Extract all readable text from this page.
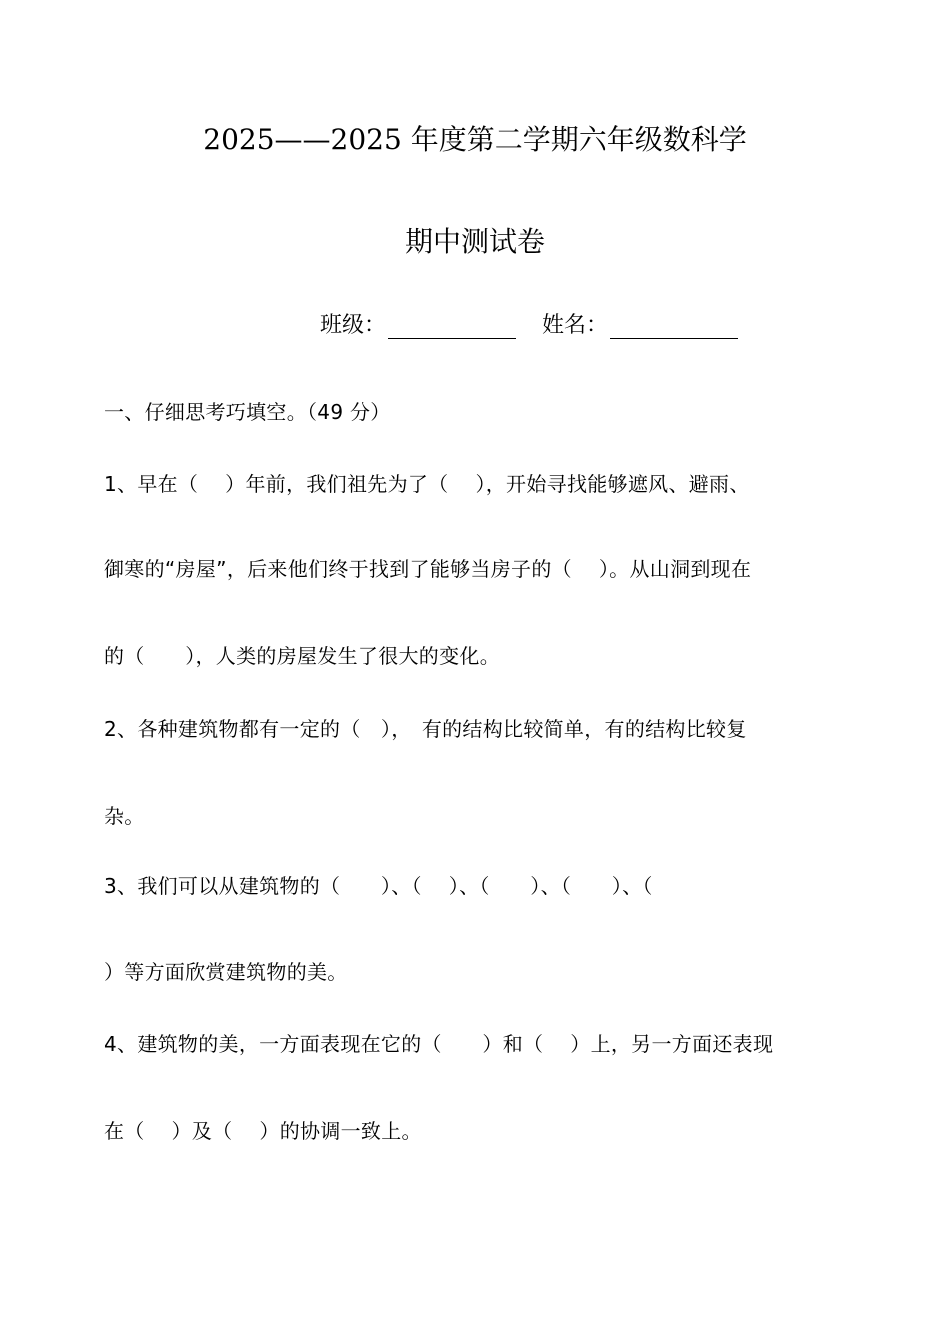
2025——2025 年度第二学期六年级数科学
期中测试卷
班级：	姓名：
一、仔细思考巧填空。（49 分）
1、早在（　 ）年前，我们祖先为了（　 ），开始寻找能够遮风、避雨、
御寒的“房屋”，后来他们终于找到了能够当房子的（　 ）。从山洞到现在
的（　　），人类的房屋发生了很大的变化。
2、各种建筑物都有一定的（　），　有的结构比较简单，有的结构比较复
杂。
3、我们可以从建筑物的（　　）、（　 ）、（　　）、（　　）、（
）等方面欣赏建筑物的美。
4、建筑物的美，一方面表现在它的（　　）和（　 ）上，另一方面还表现
在（　 ）及（　 ）的协调一致上。
